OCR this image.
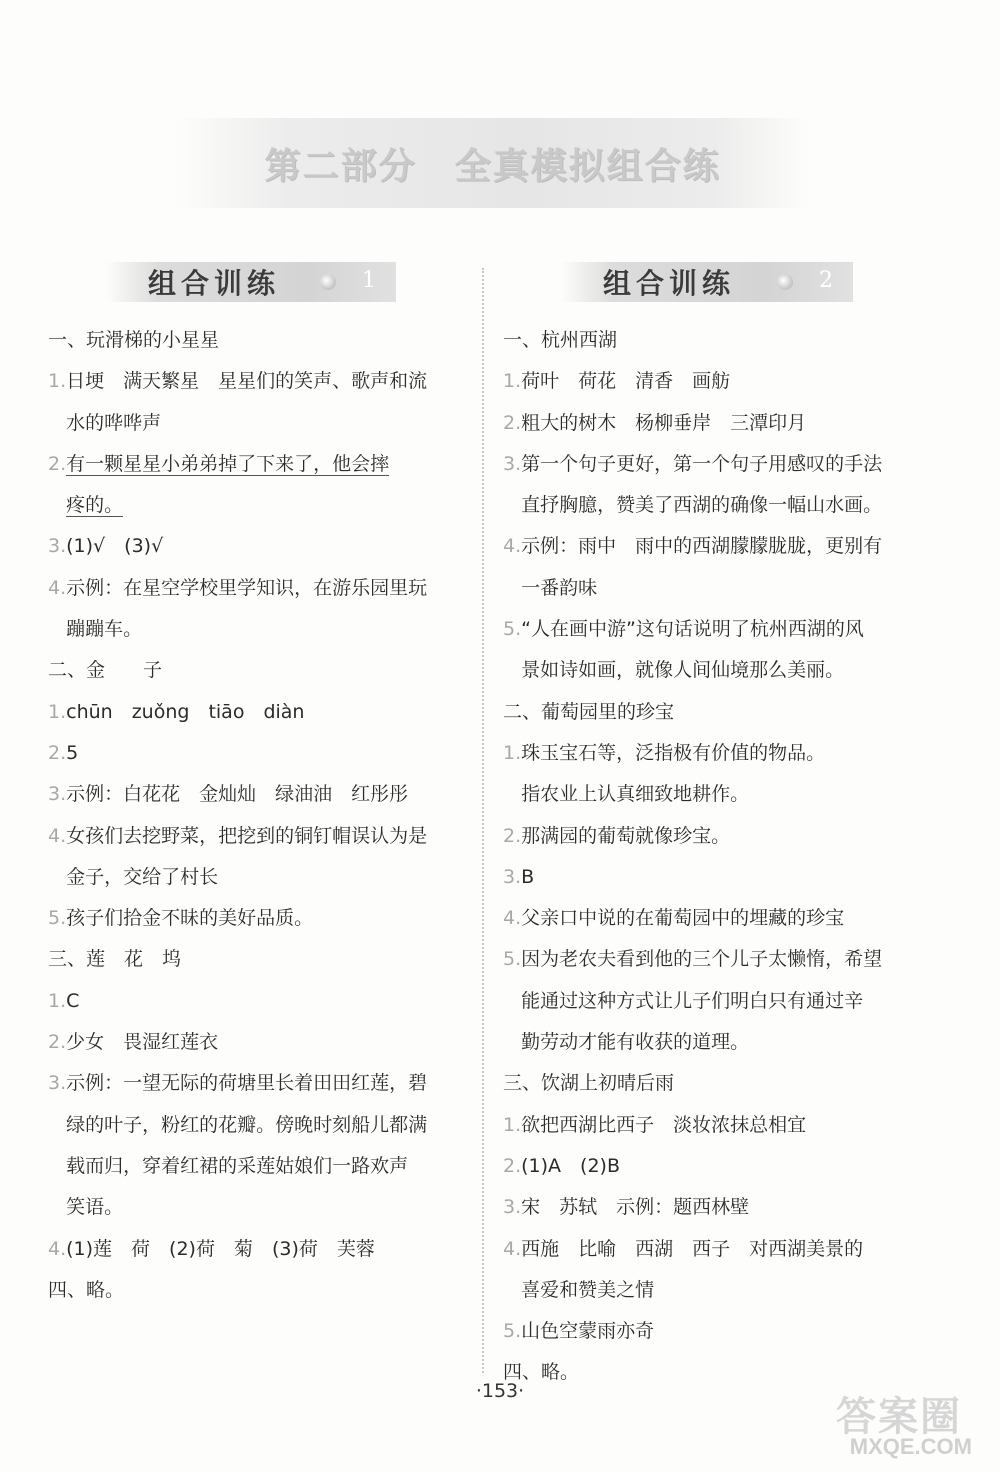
第二部分　全真模拟组合练
组合训练	1
一、玩滑梯的小星星
1.日埂　满天繁星　星星们的笑声、歌声和流
水的哗哗声
2.有一颗星星小弟弟掉了下来了，他会摔
疼的。
3.(1)√　(3)√
4.示例：在星空学校里学知识，在游乐园里玩
蹦蹦车。
二、金　　子
1.chūn　zuǒng　tiāo　diàn
2.5
3.示例：白花花　金灿灿　绿油油　红彤彤
4.女孩们去挖野菜，把挖到的铜钉帽误认为是
金子，交给了村长
5.孩子们拾金不昧的美好品质。
三、莲　花　坞
1.C
2.少女　畏湿红莲衣
3.示例：一望无际的荷塘里长着田田红莲，碧
绿的叶子，粉红的花瓣。傍晚时刻船儿都满
载而归，穿着红裙的采莲姑娘们一路欢声
笑语。
4.(1)莲　荷　(2)荷　菊　(3)荷　芙蓉
四、略。
组合训练	2
一、杭州西湖
1.荷叶　荷花　清香　画舫
2.粗大的树木　杨柳垂岸　三潭印月
3.第一个句子更好，第一个句子用感叹的手法
直抒胸臆，赞美了西湖的确像一幅山水画。
4.示例：雨中　雨中的西湖朦朦胧胧，更别有
一番韵味
5.“人在画中游”这句话说明了杭州西湖的风
景如诗如画，就像人间仙境那么美丽。
二、葡萄园里的珍宝
1.珠玉宝石等，泛指极有价值的物品。
指农业上认真细致地耕作。
2.那满园的葡萄就像珍宝。
3.B
4.父亲口中说的在葡萄园中的埋藏的珍宝
5.因为老农夫看到他的三个儿子太懒惰，希望
能通过这种方式让儿子们明白只有通过辛
勤劳动才能有收获的道理。
三、饮湖上初晴后雨
1.欲把西湖比西子　淡妆浓抹总相宜
2.(1)A　(2)B
3.宋　苏轼　示例：题西林壁
4.西施　比喻　西湖　西子　对西湖美景的
喜爱和赞美之情
5.山色空蒙雨亦奇
四、略。
·153·
答案圈
MXQE.COM
